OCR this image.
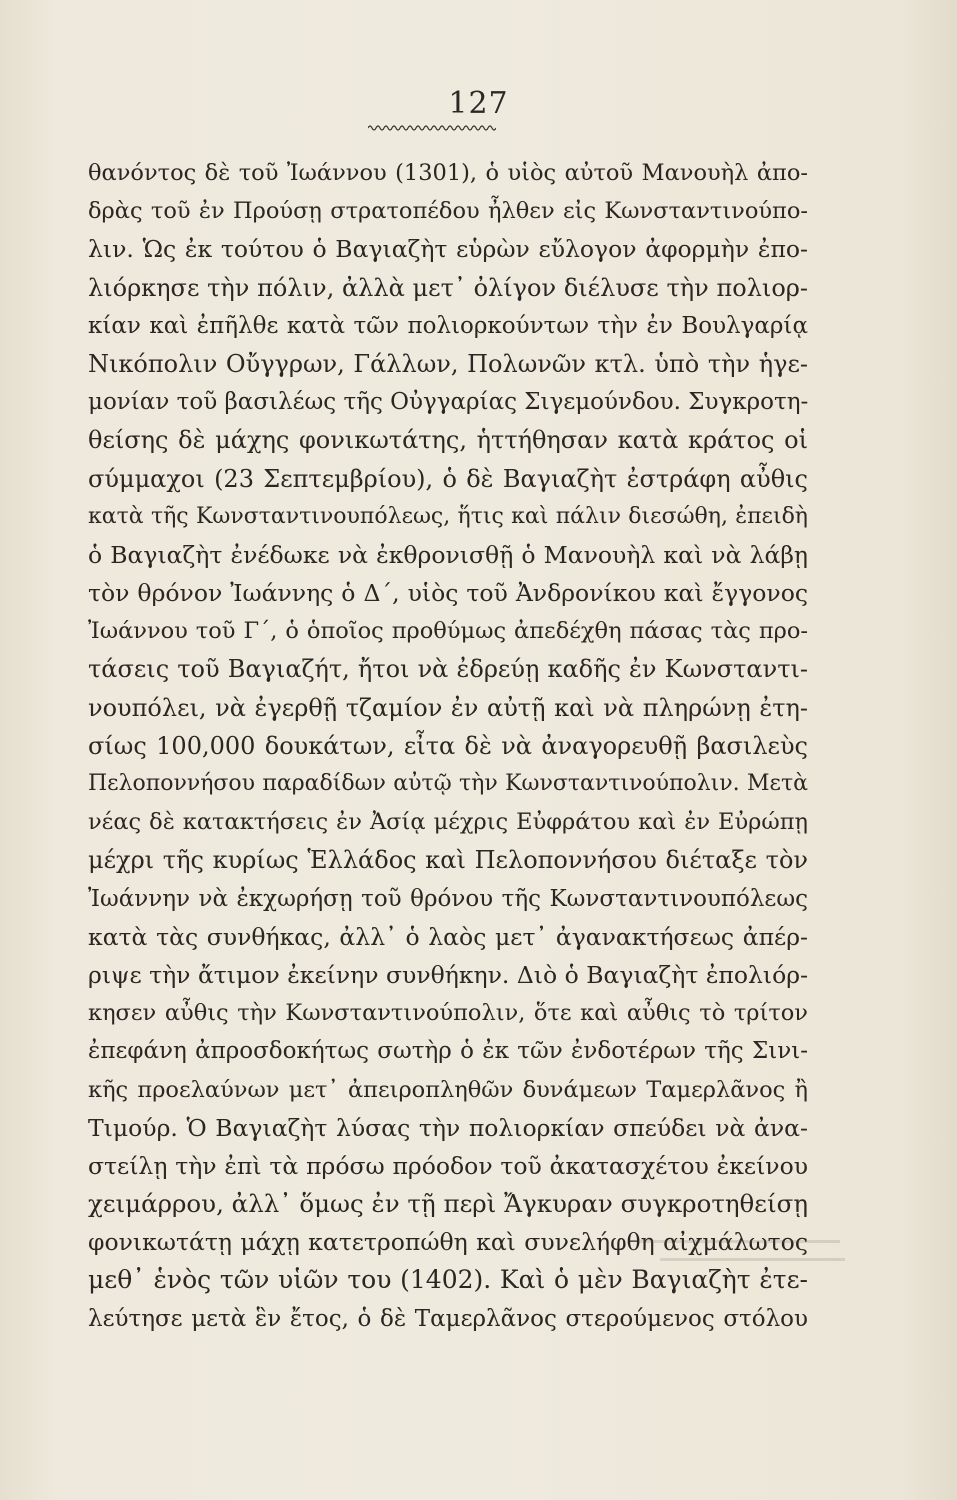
127
θανόντος δὲ τοῦ Ἰωάννου (1301), ὁ υἱὸς αὐτοῦ Μανουὴλ ἀπο-
δρὰς τοῦ ἐν Προύσῃ στρατοπέδου ἦλθεν εἰς Κωνσταντινούπο-
λιν. Ὡς ἐκ τούτου ὁ Βαγιαζὴτ εὑρὼν εὔλογον ἀφορμὴν ἐπο-
λιόρκησε τὴν πόλιν, ἀλλὰ μετ᾽ ὀλίγον διέλυσε τὴν πολιορ-
κίαν καὶ ἐπῆλθε κατὰ τῶν πολιορκούντων τὴν ἐν Βουλγαρίᾳ
Νικόπολιν Οὔγγρων, Γάλλων, Πολωνῶν κτλ. ὑπὸ τὴν ἡγε-
μονίαν τοῦ βασιλέως τῆς Οὐγγαρίας Σιγεμούνδου. Συγκροτη-
θείσης δὲ μάχης φονικωτάτης, ἡττήθησαν κατὰ κράτος οἱ
σύμμαχοι (23 Σεπτεμβρίου), ὁ δὲ Βαγιαζὴτ ἐστράφη αὖθις
κατὰ τῆς Κωνσταντινουπόλεως, ἥτις καὶ πάλιν διεσώθη, ἐπειδὴ
ὁ Βαγιαζὴτ ἐνέδωκε νὰ ἐκθρονισθῇ ὁ Μανουὴλ καὶ νὰ λάβῃ
τὸν θρόνον Ἰωάννης ὁ Δ΄, υἱὸς τοῦ Ἀνδρονίκου καὶ ἔγγονος
Ἰωάννου τοῦ Γ΄, ὁ ὁποῖος προθύμως ἀπεδέχθη πάσας τὰς προ-
τάσεις τοῦ Βαγιαζήτ, ἤτοι νὰ ἐδρεύῃ καδῆς ἐν Κωνσταντι-
νουπόλει, νὰ ἐγερθῇ τζαμίον ἐν αὐτῇ καὶ νὰ πληρώνῃ ἐτη-
σίως 100,000 δουκάτων, εἶτα δὲ νὰ ἀναγορευθῇ βασιλεὺς
Πελοποννήσου παραδίδων αὐτῷ τὴν Κωνσταντινούπολιν. Μετὰ
νέας δὲ κατακτήσεις ἐν Ἀσίᾳ μέχρις Εὐφράτου καὶ ἐν Εὐρώπῃ
μέχρι τῆς κυρίως Ἑλλάδος καὶ Πελοποννήσου διέταξε τὸν
Ἰωάννην νὰ ἐκχωρήσῃ τοῦ θρόνου τῆς Κωνσταντινουπόλεως
κατὰ τὰς συνθήκας, ἀλλ᾽ ὁ λαὸς μετ᾽ ἀγανακτήσεως ἀπέρ-
ριψε τὴν ἄτιμον ἐκείνην συνθήκην. Διὸ ὁ Βαγιαζὴτ ἐπολιόρ-
κησεν αὖθις τὴν Κωνσταντινούπολιν, ὅτε καὶ αὖθις τὸ τρίτον
ἐπεφάνη ἀπροσδοκήτως σωτὴρ ὁ ἐκ τῶν ἐνδοτέρων τῆς Σινι-
κῆς προελαύνων μετ᾽ ἀπειροπληθῶν δυνάμεων Ταμερλᾶνος ἢ
Τιμούρ. Ὁ Βαγιαζὴτ λύσας τὴν πολιορκίαν σπεύδει νὰ ἀνα-
στείλῃ τὴν ἐπὶ τὰ πρόσω πρόοδον τοῦ ἀκατασχέτου ἐκείνου
χειμάρρου, ἀλλ᾽ ὅμως ἐν τῇ περὶ Ἄγκυραν συγκροτηθείσῃ
φονικωτάτῃ μάχῃ κατετροπώθη καὶ συνελήφθη αἰχμάλωτος
μεθ᾽ ἑνὸς τῶν υἱῶν του (1402). Καὶ ὁ μὲν Βαγιαζὴτ ἐτε-
λεύτησε μετὰ ἓν ἔτος, ὁ δὲ Ταμερλᾶνος στερούμενος στόλου
